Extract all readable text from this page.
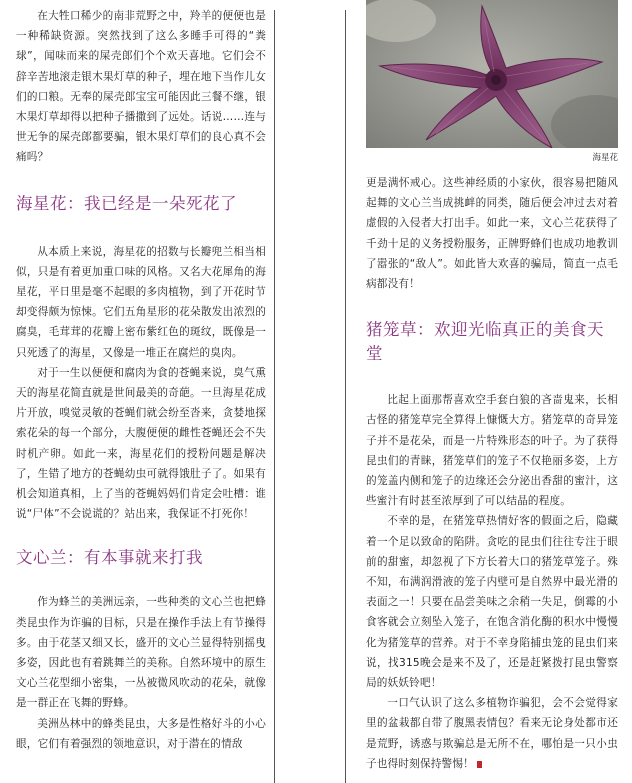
在大牲口稀少的南非荒野之中，羚羊的便便也是一种稀缺资源。突然找到了这么多睡手可得的“粪球”，闻味而来的屎壳郎们个个欢天喜地。它们会不辞辛苦地滚走银木果灯草的种子，埋在地下当作儿女们的口粮。无奉的屎壳郎宝宝可能因此三餐不继，银木果灯草却得以把种子播撒到了远处。话说……连与世无争的屎壳郎都要骗，银木果灯草们的良心真不会痛吗？

海星花：我已经是一朵死花了

从本质上来说，海星花的招数与长瓣兜兰相当相似，只是有着更加重口味的风格。又名大花犀角的海星花，平日里是毫不起眼的多肉植物，到了开花时节却变得颇为惊悚。它们五角星形的花朵散发出浓烈的腐臭，毛茸茸的花瓣上密布紫红色的斑纹，既像是一只死透了的海星，又像是一堆正在腐烂的臭肉。

对于一生以便便和腐肉为食的苍蝇来说，臭气熏天的海星花简直就是世间最美的奇葩。一旦海星花成片开放，嗅觉灵敏的苍蝇们就会纷至沓来，贪婪地探索花朵的每一个部分，大腹便便的雌性苍蝇还会不失时机产卵。如此一来，海星花们的授粉问题是解决了，生错了地方的苍蝇幼虫可就得饿肚子了。如果有机会知道真相，上了当的苍蝇妈妈们肯定会吐槽：谁说“尸体”不会说谎的？站出来，我保证不打死你！

文心兰：有本事就来打我

作为蜂兰的美洲远亲，一些种类的文心兰也把蜂类昆虫作为诈骗的目标，只是在操作手法上有节操得多。由于花茎又细又长，盛开的文心兰显得特别摇曳多姿，因此也有着跳舞兰的美称。自然环境中的原生文心兰花型细小密集，一丛被微风吹动的花朵，就像是一群正在飞舞的野蜂。

美洲丛林中的蜂类昆虫，大多是性格好斗的小心眼，它们有着强烈的领地意识，对于潜在的情敌

海星花

更是满怀戒心。这些神经质的小家伙，很容易把随风起舞的文心兰当成挑衅的同类，随后便会冲过去对着虚假的入侵者大打出手。如此一来，文心兰花获得了千劲十足的义务授粉服务，正牌野蜂们也成功地教训了嚣张的“敌人”。如此皆大欢喜的骗局，简直一点毛病都没有！

猪笼草：欢迎光临真正的美食天堂

比起上面那帮喜欢空手套白狼的吝啬鬼来，长相古怪的猪笼草完全算得上慷慨大方。猪笼草的奇异笼子并不是花朵，而是一片特殊形态的叶子。为了获得昆虫们的青睐，猪笼草们的笼子不仅艳丽多姿，上方的笼盖内侧和笼子的边缘还会分泌出香甜的蜜汁，这些蜜汁有时甚至浓厚到了可以结晶的程度。

不幸的是，在猪笼草热情好客的假面之后，隐藏着一个足以致命的陷阱。贪吃的昆虫们往往专注于眼前的甜蜜，却忽视了下方长着大口的猪笼草笼子。殊不知，布满润滑液的笼子内壁可是自然界中最光滑的表面之一！只要在品尝美味之余稍一失足，倒霉的小食客就会立刻坠入笼子，在饱含消化酶的积水中慢慢化为猪笼草的营养。对于不幸身陷捕虫笼的昆虫们来说，找315晚会是来不及了，还是赶紧拨打昆虫警察局的妖妖铃吧！

一口气认识了这么多植物诈骗犯，会不会觉得家里的盆栽都自带了腹黑表情包？看来无论身处都市还是荒野，诱惑与欺骗总是无所不在，哪怕是一只小虫子也得时刻保持警惕！
